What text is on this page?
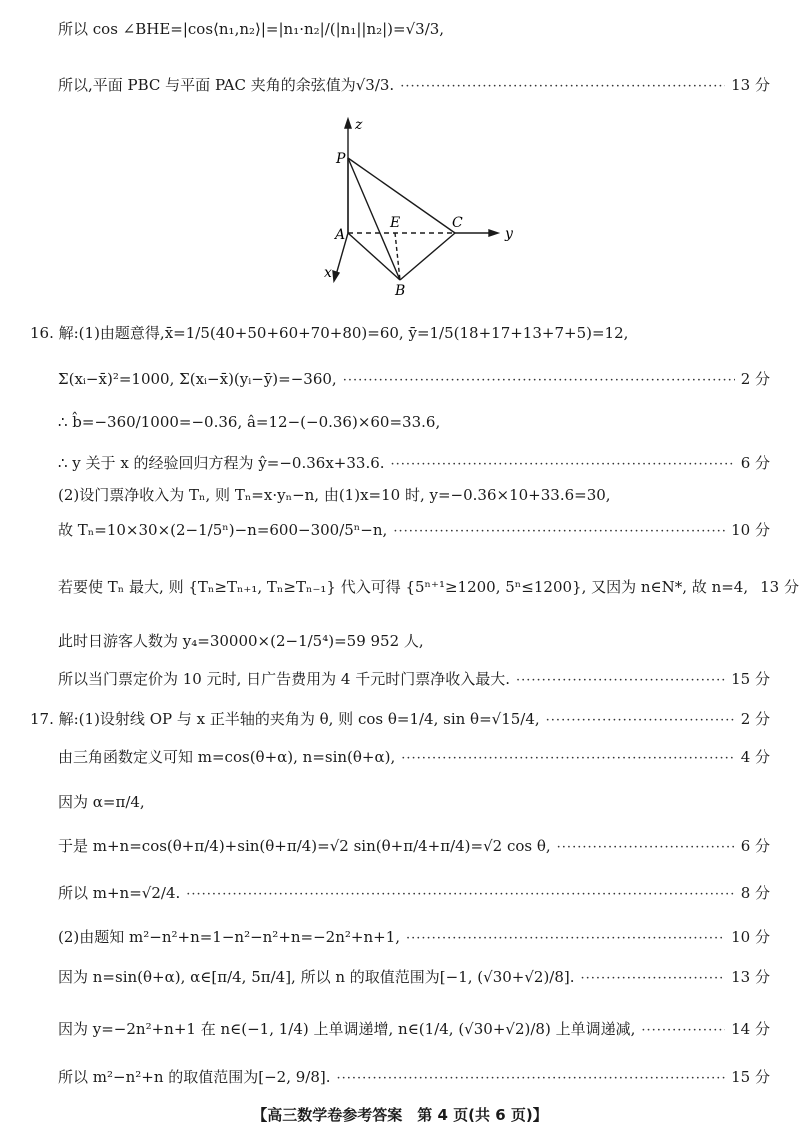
所以 cos ∠BHE=|cos⟨n₁,n₂⟩|=|n₁·n₂|/(|n₁||n₂|)=√3/3,
所以,平面 PBC 与平面 PAC 夹角的余弦值为√3/3. ·····	13 分
P
A
E	C
B
x
y
z
16. 解:(1)由题意得,x̄=1/5(40+50+60+70+80)=60, ȳ=1/5(18+17+13+7+5)=12,
Σ(xᵢ−x̄)²=1000, Σ(xᵢ−x̄)(yᵢ−ȳ)=−360, ·····	2 分
∴ b̂=−360/1000=−0.36, â=12−(−0.36)×60=33.6,
∴ y 关于 x 的经验回归方程为 ŷ=−0.36x+33.6. ·····	6 分
(2)设门票净收入为 Tₙ, 则 Tₙ=x·yₙ−n, 由(1)x=10 时, y=−0.36×10+33.6=30,
故 Tₙ=10×30×(2−1/5ⁿ)−n=600−300/5ⁿ−n, ·····	10 分
若要使 Tₙ 最大, 则 {Tₙ≥Tₙ₊₁, Tₙ≥Tₙ₋₁} 代入可得 {5ⁿ⁺¹≥1200, 5ⁿ≤1200}, 又因为 n∈N*, 故 n=4, 13 分
此时日游客人数为 y₄=30000×(2−1/5⁴)=59 952 人,
所以当门票定价为 10 元时, 日广告费用为 4 千元时门票净收入最大. ·····	15 分
17. 解:(1)设射线 OP 与 x 正半轴的夹角为 θ, 则 cos θ=1/4, sin θ=√15/4, ·····	2 分
由三角函数定义可知 m=cos(θ+α), n=sin(θ+α), ·····	4 分
因为 α=π/4,
于是 m+n=cos(θ+π/4)+sin(θ+π/4)=√2 sin(θ+π/4+π/4)=√2 cos θ, ·····	6 分
所以 m+n=√2/4. ·····	8 分
(2)由题知 m²−n²+n=1−n²−n²+n=−2n²+n+1, ·····	10 分
因为 n=sin(θ+α), α∈[π/4, 5π/4], 所以 n 的取值范围为[−1, (√30+√2)/8]. ·····	13 分
因为 y=−2n²+n+1 在 n∈(−1, 1/4) 上单调递增, n∈(1/4, (√30+√2)/8) 上单调递减, ·····	14 分
所以 m²−n²+n 的取值范围为[−2, 9/8]. ·····	15 分
【高三数学卷参考答案　第 4 页(共 6 页)】
